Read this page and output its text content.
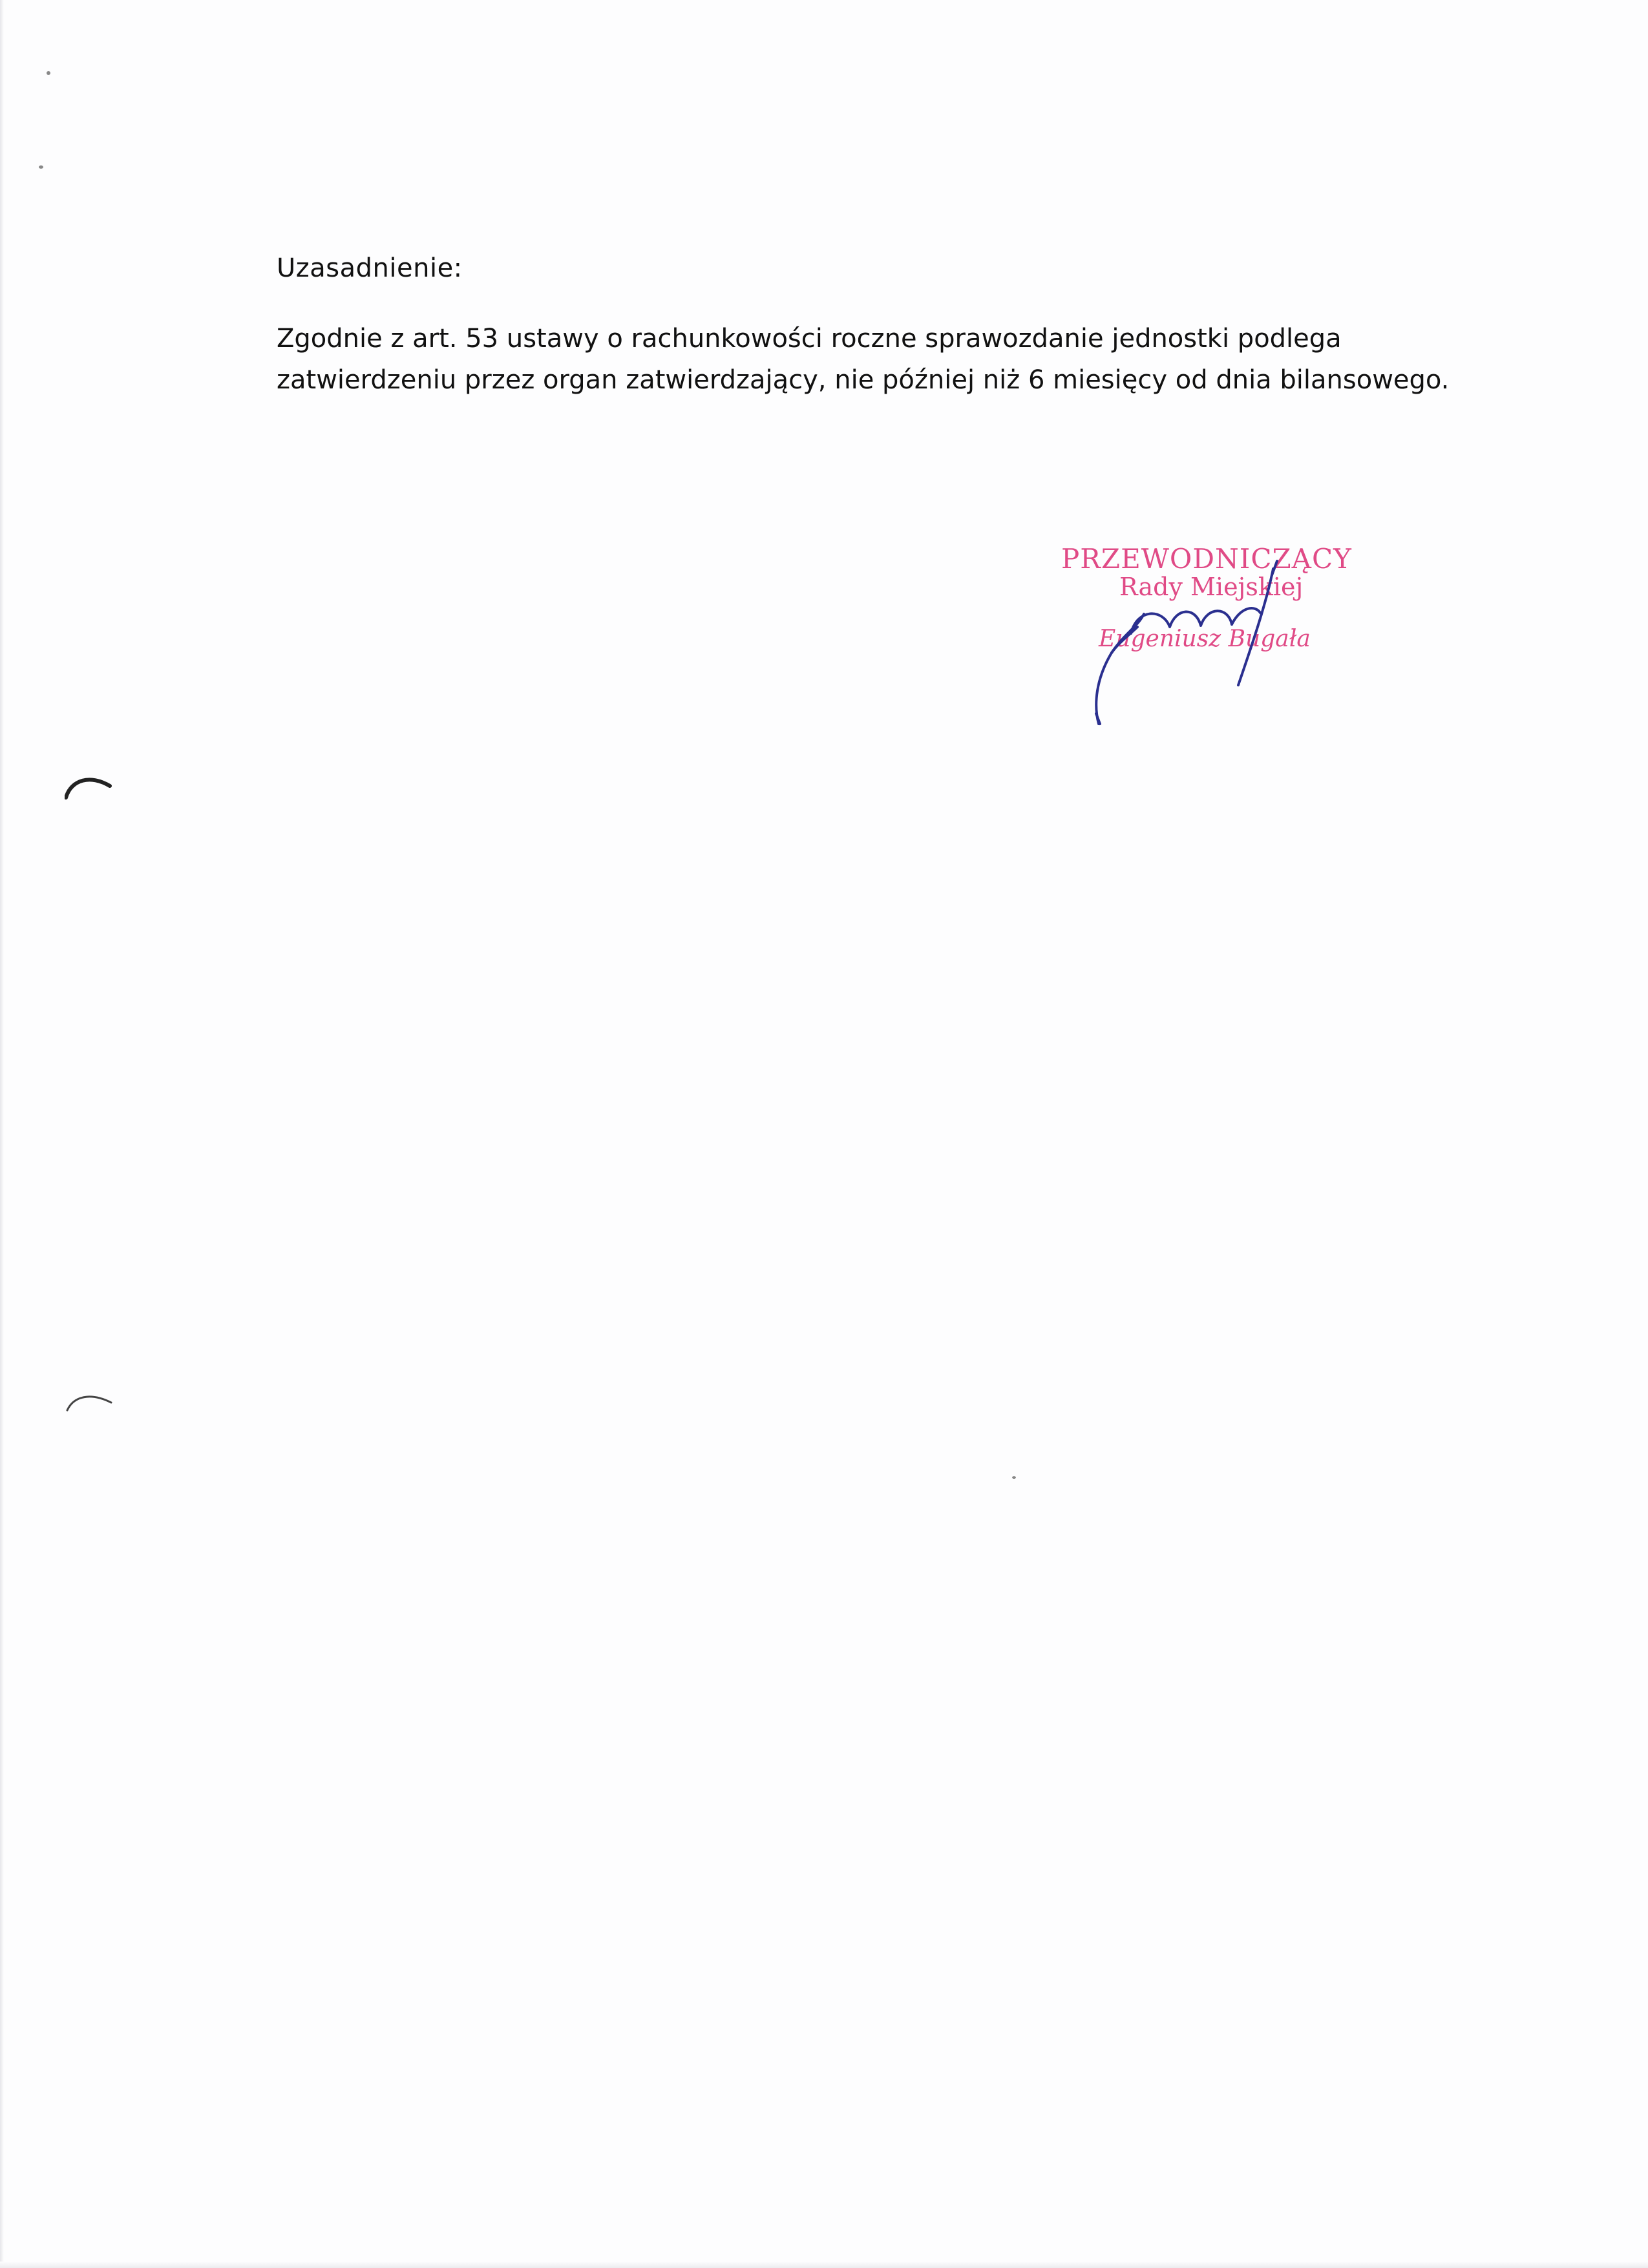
Uzasadnienie:
Zgodnie z art. 53 ustawy o rachunkowości roczne sprawozdanie jednostki podlega
zatwierdzeniu przez organ zatwierdzający, nie później niż 6 miesięcy od dnia bilansowego.
PRZEWODNICZĄCY
Rady Miejskiej
Eugeniusz Bugała
